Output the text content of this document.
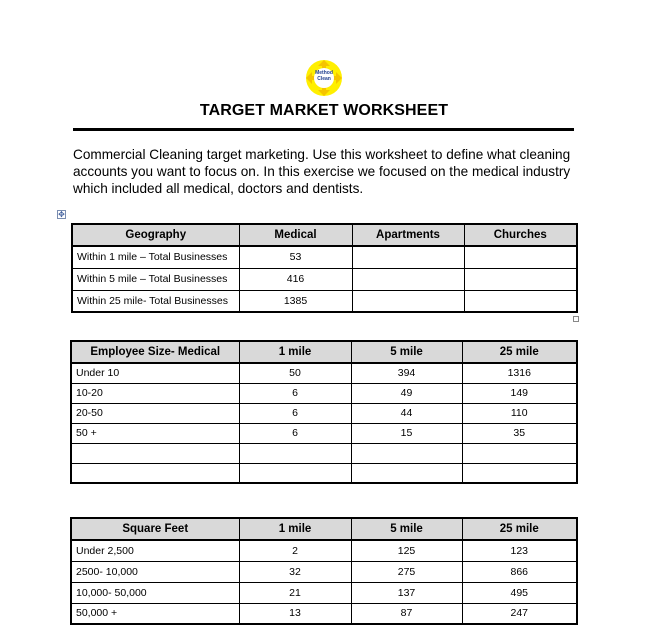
Method
Clean
TARGET MARKET WORKSHEET
Commercial Cleaning target marketing. Use this worksheet to define what cleaning accounts you want to focus on. In this exercise we focused on the medical industry which included all medical, doctors and dentists.
✥
Geography	Medical	Apartments	Churches
Within 1 mile – Total Businesses	53		
Within 5 mile – Total Businesses	416		
Within 25 mile- Total Businesses	1385		
Employee Size- Medical	1 mile	5 mile	25 mile
Under 10	50	394	1316
10-20	6	49	149
20-50	6	44	110
50 +	6	15	35

Square Feet	1 mile	5 mile	25 mile
Under 2,500	2	125	123
2500- 10,000	32	275	866
10,000- 50,000	21	137	495
50,000 +	13	87	247
